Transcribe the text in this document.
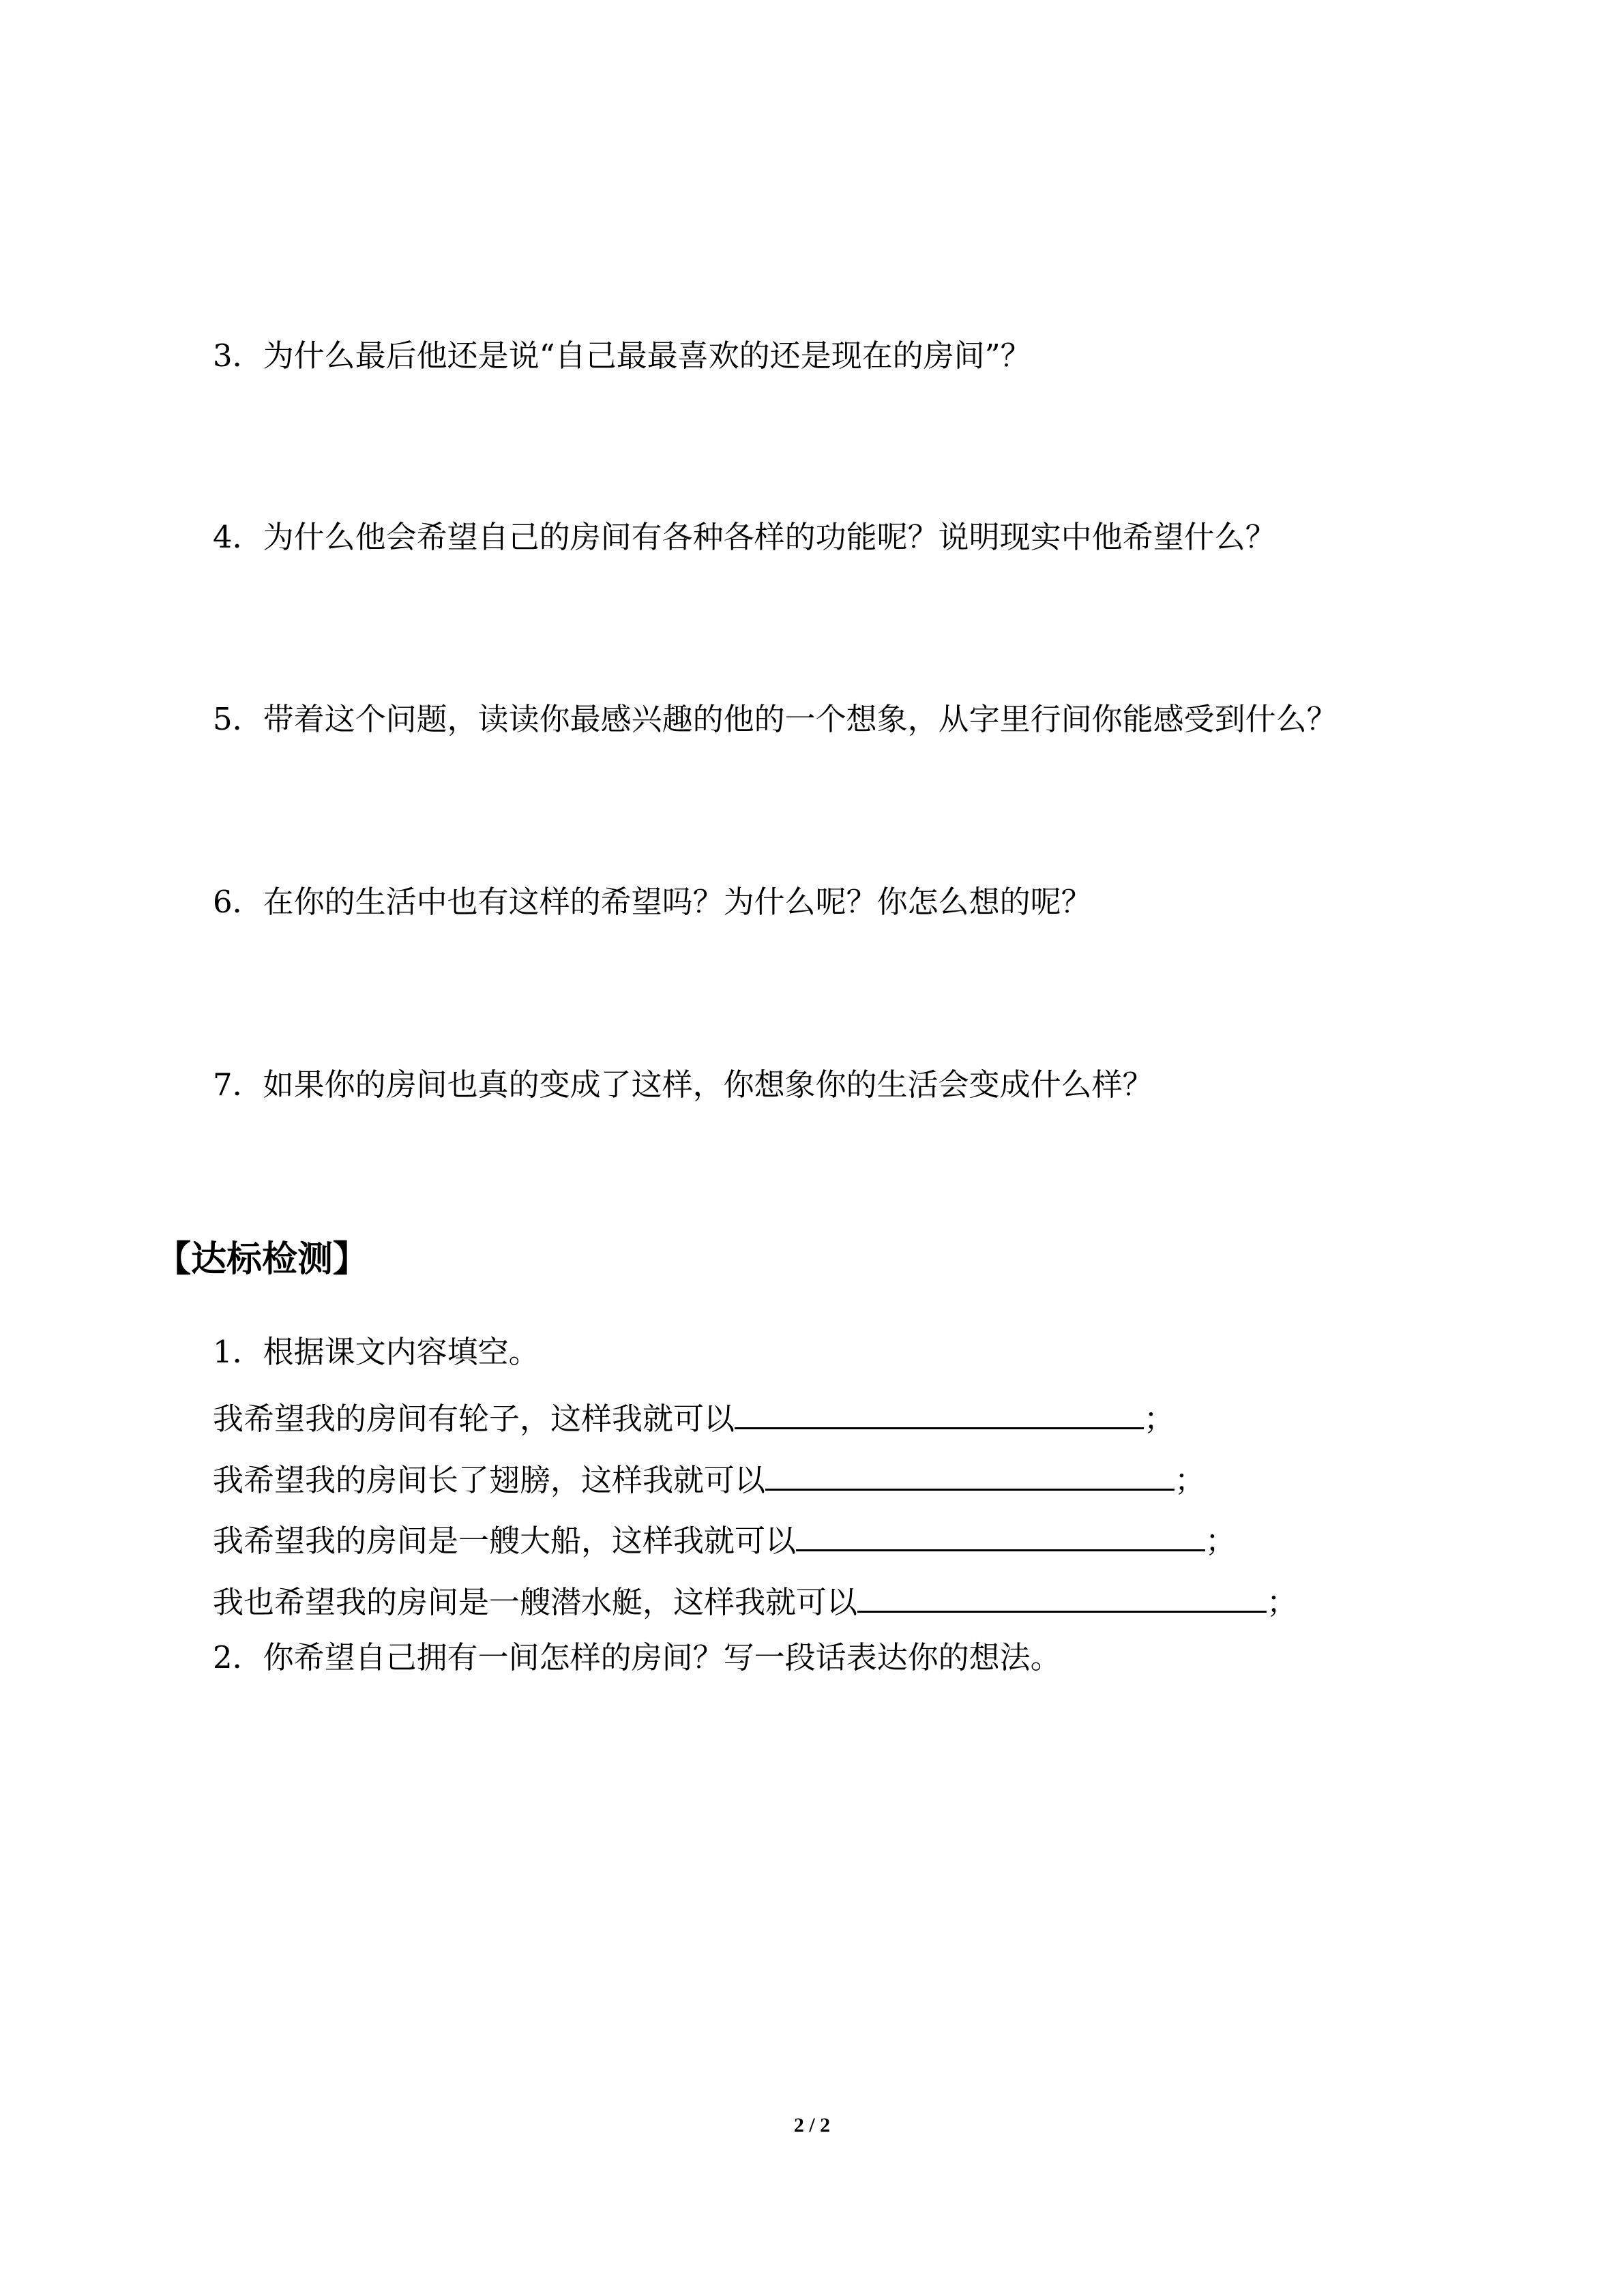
3．为什么最后他还是说“自己最最喜欢的还是现在的房间”？
4．为什么他会希望自己的房间有各种各样的功能呢？说明现实中他希望什么？
5．带着这个问题，读读你最感兴趣的他的一个想象，从字里行间你能感受到什么？
6．在你的生活中也有这样的希望吗？为什么呢？你怎么想的呢？
7．如果你的房间也真的变成了这样，你想象你的生活会变成什么样？
【达标检测】
1．根据课文内容填空。
我希望我的房间有轮子，这样我就可以	；
我希望我的房间长了翅膀，这样我就可以	；
我希望我的房间是一艘大船，这样我就可以	；
我也希望我的房间是一艘潜水艇，这样我就可以	；
2．你希望自己拥有一间怎样的房间？写一段话表达你的想法。
2 / 2
